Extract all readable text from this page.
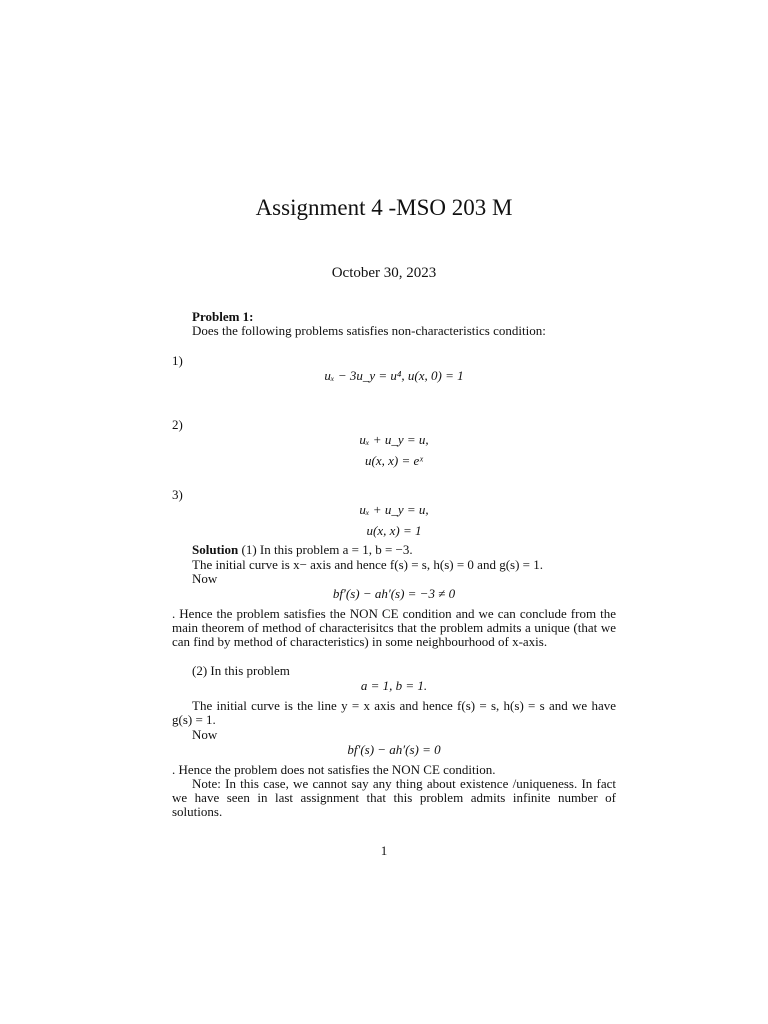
Assignment 4 -MSO 203 M
October 30, 2023
Problem 1:
Does the following problems satisfies non-characteristics condition:
1)
uₓ − 3u_y = u⁴, u(x, 0) = 1
2)
uₓ + u_y = u,
u(x, x) = eˣ
3)
uₓ + u_y = u,
u(x, x) = 1
Solution (1) In this problem a = 1, b = −3.
The initial curve is x− axis and hence f(s) = s, h(s) = 0 and g(s) = 1.
Now
bf′(s) − ah′(s) = −3 ≠ 0
. Hence the problem satisfies the NON CE condition and we can conclude from the main theorem of method of characterisitcs that the problem admits a unique (that we can find by method of characteristics) in some neighbourhood of x-axis.
(2) In this problem
a = 1, b = 1.
The initial curve is the line y = x axis and hence f(s) = s, h(s) = s and we have g(s) = 1.
Now
bf′(s) − ah′(s) = 0
. Hence the problem does not satisfies the NON CE condition.
Note: In this case, we cannot say any thing about existence /uniqueness. In fact we have seen in last assignment that this problem admits infinite number of solutions.
1
